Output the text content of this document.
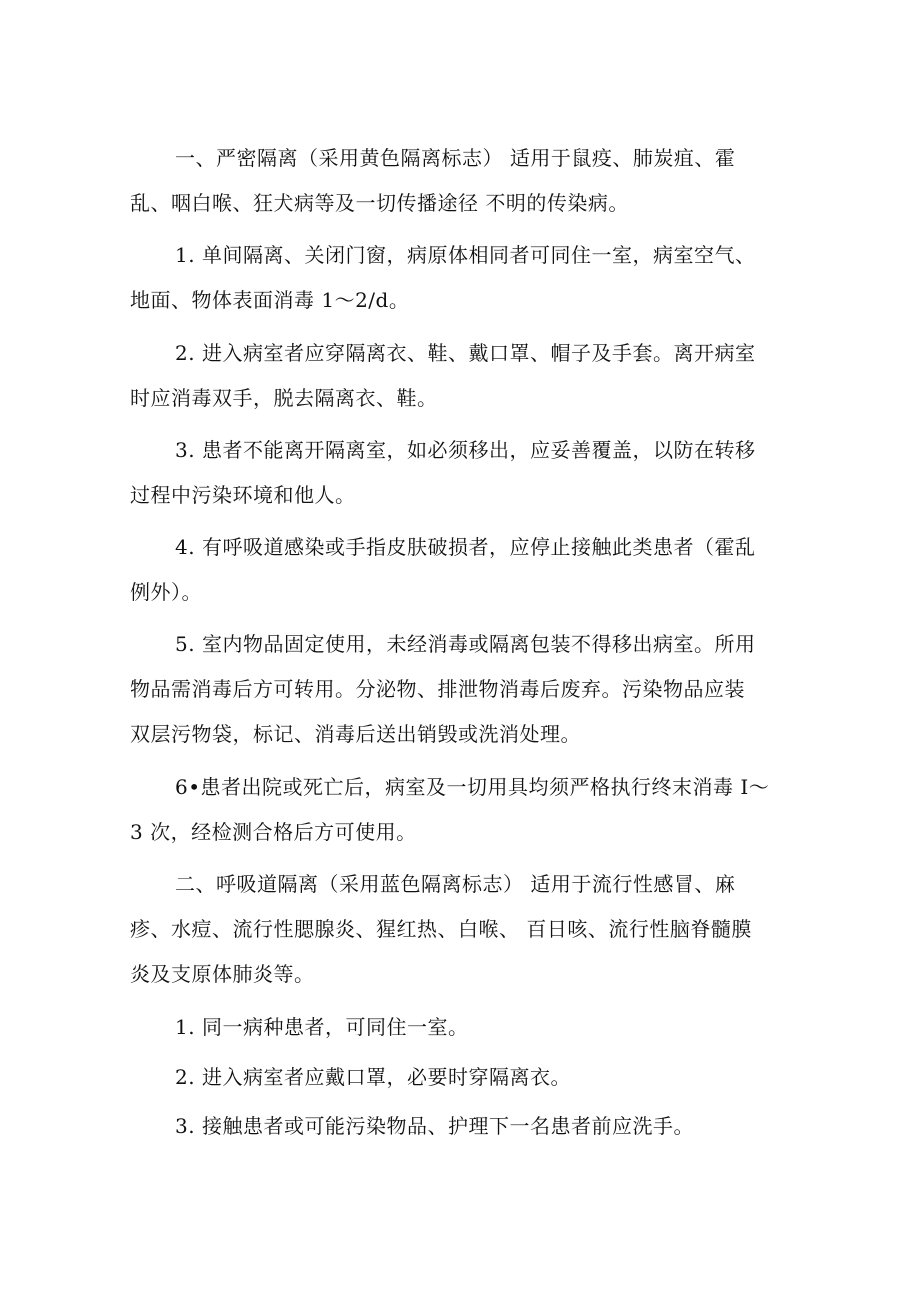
一、严密隔离（采用黄色隔离标志） 适用于鼠疫、肺炭疽、霍
乱、咽白喉、狂犬病等及一切传播途径 不明的传染病。

1. 单间隔离、关闭门窗，病原体相同者可同住一室，病室空气、
地面、物体表面消毒 1〜2/d。

2. 进入病室者应穿隔离衣、鞋、戴口罩、帽子及手套。离开病室
时应消毒双手，脱去隔离衣、鞋。

3. 患者不能离开隔离室，如必须移出，应妥善覆盖，以防在转移
过程中污染环境和他人。

4. 有呼吸道感染或手指皮肤破损者，应停止接触此类患者（霍乱
例外）。

5. 室内物品固定使用，未经消毒或隔离包装不得移出病室。所用
物品需消毒后方可转用。分泌物、排泄物消毒后废弃。污染物品应装
双层污物袋，标记、消毒后送出销毁或洗消处理。

6•患者出院或死亡后，病室及一切用具均须严格执行终末消毒 I〜
3 次，经检测合格后方可使用。

二、呼吸道隔离（采用蓝色隔离标志） 适用于流行性感冒、麻
疹、水痘、流行性腮腺炎、猩红热、白喉、 百日咳、流行性脑脊髓膜
炎及支原体肺炎等。

1. 同一病种患者，可同住一室。

2. 进入病室者应戴口罩，必要时穿隔离衣。

3. 接触患者或可能污染物品、护理下一名患者前应洗手。
